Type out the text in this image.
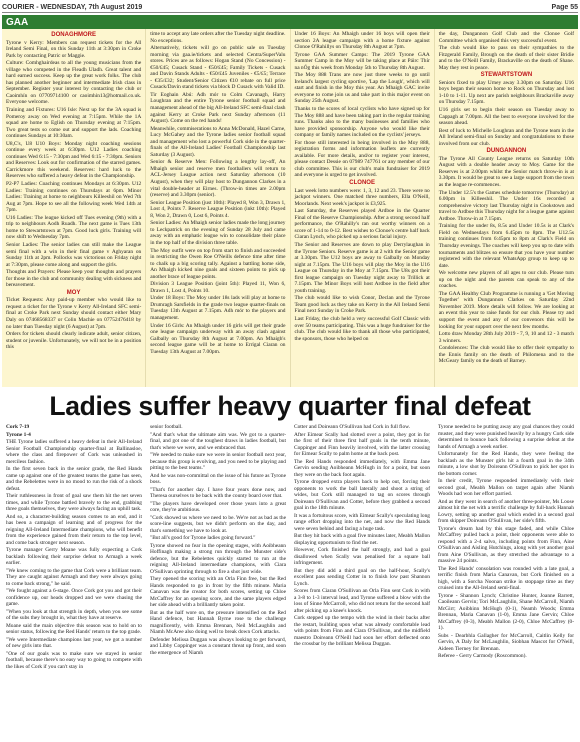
COURIER - WEDNESDAY, 7th August 2019	Page 55
GAA
DONAGHMORE

Tyrone v Kerry: Members can request tickets for the All Ireland Semi Final, on this Sunday 11th at 3:30pm in Croke Park by contacting Patric or Maggie.

Culture: Comhghairdeas to all the young musicians from the village who competed in the Fleadh Uladh. Great talent and hard earned success. Keep up the great work folks. The club has planned another beginner and intermediate Irish class in September. Register your interest by contacting the club or Caoimhín on 07709714100 or caoimhin13@hotmail.co.uk. Everyone welcome.

Training and Fixtures: U16 Isle: Next up for the 3A squad is Pomeroy away on Wed evening at 7:15pm. While the 1A squad are home to Eglish on Thursday evening at 7:15pm. Two great tests so come out and support the lads. Coaching continues Sundays at 10:30am.

U8,C's, U8 U10 Boys: Monday night coaching sessions continue every week at 6:30pm. U12 Ladies coaching continues Wed 6:15 - 7:30pm and Wed 6:15 - 7:30pm. Seniors and Reserves: Look out for confirmation of the starred games. Carrickmore this weekend. Reserves: hard luck to the Reserves who suffered a heavy defeat in the Championship.

P2-P7 Ladies: Coaching continues Mondays at 6:30pm. U12 Ladies: Training continues on Thursdays at 6pm. Minor Ladies: Training at home to neighbours Killeeshil on Wed 7th Aug at 7pm. Hope to see all the following week Wed 14th at 7pm.

U16 Ladies: The league kicked off Tues evening (9th) with a trip to neighbours Aodh Ruadh. The next game is Tues 13th home to Stewartstown at 7pm. Good luck girls. Training will now shift to Wednesday 7pm.

Senior Ladies: The senior ladies can still make the League semi final with a win in their final game v Aghyaran on Sunday 11th at 2pm. Pollocks was victorious on Friday night at 7:30pm, please come along and support the girls.

Thoughts and Prayers: Please keep your thoughts and prayers for those in the club and community dealing with sickness and bereavement.

MOY

Ticket Requests: Any paid-up member who would like to request a ticket for the Tyrone v Kerry All-Ireland SFC semi-final at Croke Park next Sunday should contact either Mary Daly on 07468568337 or Colin Machie on 07752476418 by no later than Tuesday night (6 August) at 7pm.

Orders for tickets should clearly indicate adult, senior citizen, student or juvenile. Unfortunately, we will not be in a position this

time to accept any late orders after the Tuesday night deadline. No exceptions.

Alternatively, tickets will go on public sale on Tuesday morning via gaa.ie/tickets and selected Centra/SuperValu stores. Prices are as follows: Hogan Stand (No Concession) - €50/£45; Cusack Stand - €50/£45; Family Tickets - Cusack and Davin Stands Adults - €50/£45 Juveniles - €5/£5; Terrace - €35/£32; Student/Senior Citizen €10 rebate on full price Cusack/Davin stand tickets via block D Cusack with Valid ID.

Tir Eoghain Abú: Adh mór to Colm Cavanagh, Harry Loughran and the entire Tyrone senior football squad and management ahead of the big All-Ireland SFC semi-final clash against Kerry at Croke Park next Sunday afternoon (11 August). Come on the red hands!

Meanwhile, commiserations to Anna McDonald, Hazel Carne, Lucy McGahey and the Tyrone ladies senior football squad and management who lost a powerful Cork side in the quarter-finals of the All-Ireland Ladies' Football Championship last Saturday (3 August).

Senior & Reserve Men: Following a lengthy lay-off, An Mhaigh senior and reserve men footballers will return to ACL-Jersey League action next Saturday afternoon (10 August), when they will play host to Dungannon Clarkes in a vital double-header at Eirnes. (Throw-in times are 2.00pm (reserve) and 3.30pm (senior).

Senior League Position (just 10th): Played 8, Won 3, Drawn 1, Lost 4, Points 7. Reserve League Position (inkt 10th): Played 8, Won 2, Drawn 0, Lost 6, Points 4.

Senior Ladies: An Mhaigh senior ladies made the long journey to Leckpatrick on the evening of Sunday 28 July and came away with an emphatic league win to consolidate their place in the top half of the division three table.

The Moy outfit were on top from start to finish and succeeded in restricting the Owen Roe O'Neills defence time after time to chalk up a big scoring tally. Against a battling home side, An Mhaigh kicked nine goals and sixteen points to pick up another brace of league points.

Division 3 League Position (joint 5th): Played 11, Won 6, Drawn 1, Lost 4, Points 10.

Under 18 Boys: The Moy under 18s lads will play at home to Drumragh Sarsfields in the grade two league quarter-finals on Tuesday 13th August at 7.15pm. Adh mór to the players and management.

Under 16 Girls: An Mhaigh under 16 girls will get their grade one league campaign underway with an away clash against Galbally on Thursday 8th August at 7.00pm. An Mhaigh's second league game will be at home to Errigal Ciaran on Tuesday 13th August at 7.00pm.

Under 16 Boys: An Mhaigh under 16 boys will open their section 2A league campaign with a home fixture against Clonoe O'Rahillys on Thursday 8th August at 7pm.

Tyrone GAA Summer Camps: The 2019 Tyrone GAA Summer Camp in the Moy will be taking place at Páirc Thír na nÓg this week from Monday 5th to Thursday 8th August.

The Moy 888 Trans are now just three weeks to go until Ireland's largest cycling sportive, 'Lap the Lough', which will start and finish in the Moy this year. An Mhaigh GAC invite everyone to come join us and take part in this major event on Sunday 25th August.

Thanks to the scores of local cyclists who have signed up for The Moy 888 and have been taking part in the regular training runs. Thanks also to the many businesses and families who have provided sponsorship. Anyone who would like their company or family names included on the cyclists' jerseys.

For those still interested in being involved in the Moy 888, registration forms and information leaflets are currently available. For more details, and/or to register your interest, please contact Dessie on 07989 747761 or any member of our club committee. This is our club's main fundraiser for 2019 and everyone is urged to get involved.

CLONOE

Last week lotto numbers were: 1, 3, 12 and 23. There were no jackpot winners. One matched three numbers, Ella O'Neill, Moorlands. Next week's jackpot is £3,925.

Last Saturday, the Reserves played Ardboe in the Quarter Final of the Reserve Championship. After a strong second half performance, the O'Rahilly's ran out worthy winners on a score of 1-14 to 0-12. Best wishes to Clonoe's centre half back Ciaran Lynch, who picked up a serious facial injury.

The Senior and Reserves are down to play Derrylaughan in the Tyrone Seniors. Reserve game is at 2 with the Senior game at 3.30pm. The U12 boys are away to Galbally on Monday night at 7.15pm. The U16 boys will play the Moy in the U16 League on Thursday in the Moy at 7.15pm. The U8s got their first league campaign on Tuesday night away to Trillick at 7.15pm. The Minor Boys will host Ardboe in the field after youth training.

The club would like to wish Conor, Declan and the Tyrone Team good luck as they take on Kerry in the All Ireland Semi Final next Sunday in Croke Park.

Last Friday, the club held a very successful Golf Classic with over 50 teams participating. This was a huge fundraiser for the club. The club would like to thank all those who participated, the sponsors, those who helped on

the day, Dungannon Golf Club and the Clonoe Golf Committee which organised this very successful event.

The club would like to pass on their sympathies to the Fitzgerald Family, Brough on the death of their sister Bridie and to the O'Neill Family, Brackaville on the death of Shane. May they rest in peace.

STEWARTSTOWN

Seniors fixed to play Urney away 3.30pm on Saturday. U16 boys began their season home to Rock on Thursday and lost 1-10 to 1-11. Up next are parish neighbours Brackaville away on Thursday 7.15pm.

U16 girls set to begin their season on Tuesday away to Cappagh at 7.00pm. All the best to everyone involved for the season ahead.

Best of luck to Michelle Loughran and the Tyrone team in the All Ireland semi-final on Sunday and congratulations to those involved from our club.

DUNGANNON

The Tyrone All County League returns on Saturday 10th August with a double header away to Moy. Game for the Reserves is at 2.00pm whilst the Senior match throw-in is at 3.30pm. It would be great to see a large support from the town as the league re-commences.

The Under 12.5's the Games schedule tomorrow (Thursday) at 6.00pm in Killeeshil. The Under 16s recorded a comprehensive victory last Thursday night in Cookstown and travel to Ardboe this Thursday night for a league game against Ardboe. Throw-in at 7.15pm.

Training for the under 8s, 8.5s and Under 10.5s is at Clark's Field on Wednesdays from 6.45pm to 8pm. The U12.5s training continues from 6:45pm to 8pm at Clark's Field on Thursday evenings. The coaches will keep you up to date with tournaments and blitzes so ensure that you have your number registered with the relevant WhatsApp group to keep up to date.

We welcome new players of all ages to our club. Please turn up on the night and the parents can speak to any of the coaches.

The GAA Healthy Club Programme is running a 'Get Moving Together' with Dungannon Clarkes on Saturday 22nd November 2019. More details will follow. We are looking at an event this year to raise funds for our club. Please try and support the event and any of our convenors this will be looking for your support over the next few months.

Lotto draw Monday 28th July 2019 - 7, 9, 10 and 12 - 3 match 3 winners.

Condolences: The club would like to offer their sympathy to the Ennis family on the death of Philomena and to the McGeary family on the death of Barney.

Ladies suffer heavy quarter final defeat

Cork 7-19

Tyrone 1-4

THE Tyrone ladies suffered a heavy defeat in their All-Ireland Senior Football Championship quarter-final at Ballinasloe, where the class and firepower of Cork was unleashed in merciless fashion.

In the first seven back in the senior grade, the Red Hands came up against one of the greatest teams the game has seen, and the Rebelettes were in no mood to run the risk of a shock defeat.

Their ruthlessness in front of goal saw them hit the net seven times, and while Tyrone battled bravely to the end, grabbing three goals themselves, they were always facing an uphill task.

And so, a character-building season comes to an end, and it has been a campaign of learning and of progress for the reigning All-Ireland Intermediate champions, who will benefit from the experience gained from their return to the top level, and come back stronger next season.

Tyrone manager Gerry Moane was fully expecting a Cork backlash following their surprise defeat to Armagh a week earlier.

"We knew coming to the game that Cork were a brilliant team. They are caught against Armagh and they were always going to come back strong," he said.

"We fought against a 6-stage. Once Cork got you and got their confidence up, our heads dropped and we were chasing the game.

"When you look at that strength in depth, when you see some of the subs they brought in, what they have at reserve.

Moane said the main objective this season was to hold on to senior status, following the Red Hands' return to the top grade.

"We were Intermediate champions last year, we got a number of new girls into that.

"One of our goals was to make sure we stayed in senior football, because there's no easy way to going to compete with the likes of Cork if you can't stay in

senior football.

"And that's what the ultimate aim was. We got to a quarter-final, and got one of the toughest draws in ladies football, but that's where we were, and we embraced that.

"We needed to make sure we were in senior football next year, because this group is evolving, and you need to be playing and pitting to the best teams."

And he was non-committal on the issue of his future as Tyrone boss.

"That's for another day. I have four years done now, and Theresa ourselves to be back with the county board over that.

"The players have developed over those years into a great core, they're ambitious.

"Cork showed us where we need to be. We're not as bad as the score-line suggests, but we didn't perform on the day, and that's something we have to look at.

"But all's good for Tyrone ladies going forward."

Tyrone showed no fear in the opening stages, with Aoibheann Hoffinagh making a strong run through the Munster side's defence, but the Rebelettes quickly started to run at the reigning All-Ireland intermediate champions, with Ciara O'Sullivan sprinting through to fire a shot just wide.

They opened the scoring with an Orla Finn free, but the Red Hands responded to go in front by the fifth minute. Maria Canavan was the creator for both scores, setting up Chloe McCaffrey for an opening score, and the same players edged her side ahead with a brilliantly taken point.

But as the half wore on, the pressure intensified on the Red Hand defence, but Hannah Byrne rose to the challenge magnificently, with Emma Brennan, Neil McLaughlin and Niamh McAree also doing well to break down Cork attacks.

Defender Melissa Duggan was always looking to get forward, and Libby Coppinger was a constant threat up front, and soon the emergence of Niamh

Cotter and Doireann O'Sullivan had Cork in full flow.

After Eimear Scally had slotted over a point, they got in for the first of their three first half goals in the tenth minute, Coppinger and Finn heavily involved, with the latter crossing for Eimear Scally to palm home at the back post.

The Red Hands responded immediately, with Emma Jane Gervin sending Aoibheann McHugh in for a point, but soon they were on the back foot again.

Tyrone dropped extra players back to help out, forcing their opponents to work the ball laterally and shoot a string of wides, but Cork still managed to tag on scores through Doireann O'Sullivan and Cotter, before they grabbed a second goal in the 18th minute.

It was a fortuitous score, with Eimear Scally's speculating long range effort dropping into the net, and now the Red Hands were seven behind and facing a huge task.

But they hit back with a goal five minutes later, Meabh Mallon displaying opportunism to find the net.

However, Cork finished the half strongly, and had a goal disallowed when Scally was penalised for a square ball infringement.

But they did add a third goal on the half-hour, Scally's excellent pass sending Cotter in to finish low past Shannon Lynch.

Scores from Ciaran O'Sullivan an Orla Finn sent Cork in with a 3-8 to 1-3 interval lead, and Tyrone suffered a blow with the loss of Sinne McCarroll, who did not return for the second half after picking up a knee's knock.

Cork stepped up the tempo with the wind in their backs after the restart, building upon what was already comfortable lead with points from Finn and Ciara O'Sullivan, and the midfield maestro Doireann O'Neill had soon her effort deflected onto the crossbar by the brilliant Melissa Duggan.

Tyrone needed to be putting away any goal chances they could muster, and they were punished heavily by a hungry Cork side determined to bounce back following a surprise defeat at the hands of Armagh a week earlier.

Unfortunately for the Red Hands, they were feeling the backlash as the Munster girls hit a fourth goal in the 34th minute, a low shot by Doireann O'Sullivan to pick her spot in the bottom corner.

In their credit, Tyrone responded immediately with their second goal, Meabh Mallon on target again after Niamh Woods had won her effort parried.

And as they went in search of another three-pointer, Ms Loose almost hit the net with a terrific challenge by full-back Hannah Lowry, setting up another goal which ended in a second goal from skipper Doireann O'Sullivan, her side's fifth.

Tyrone's dream had by this stage faded, and while Chloe McCaffrey pulled back a point, their opponents were able to respond with a 2-4 salvo, including points from Finn, Aine O'Sullivan and Aisling Hutchings, along with yet another goal from Aine O'Sullivan, as they stretched the advantage to a massive 24 points.

The Red Hands' consolation was rounded with a late goal, a terrific finish from Maria Canavan, but Cork finished on a high, with a Sorcha Noonan strike in stoppage time as they cruised into the All-Ireland semi-final.

Tyrone - Shannon Lynch; Christine Hunter, Joanne Barrett, Caoileann Gervin; Tori McLaughlin, Shane McCarroll, Niamh McGirr; Aoibhinn McHugh (0-1), Neamh Woods; Emma Brennan, Maria Canavan (1-0), Emma Jane Gervin; Chloe McCaffrey (0-3), Meabh Mallon (2-0), Chloe McCaffrey (0-1).

Subs - Dearbhla Gallagher for McCarroll, Caitlin Kelly for Gervin, A Daly for McLaughlin, Siobhan Mascot for O'Neill, Aideen Tierney for Brennan.

Referee - Gerry Carmody (Roscommon).
